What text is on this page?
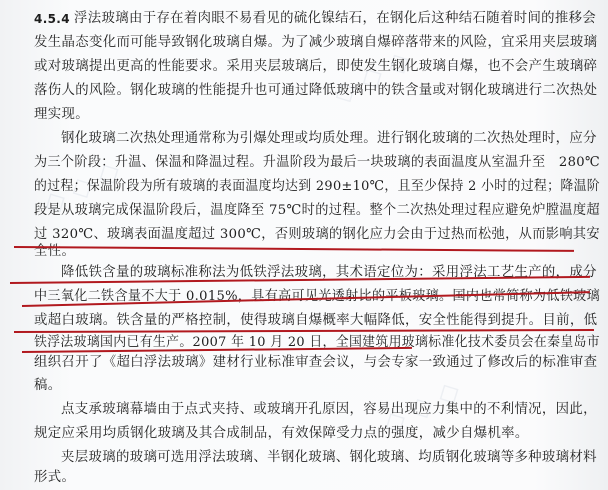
◇ ◇ ◇
◇ ◇ ◇
◇ ◇ ◇
4.5.4 浮法玻璃由于存在着肉眼不易看见的硫化镍结石，在钢化后这种结石随着时间的推移会
发生晶态变化而可能导致钢化玻璃自爆。为了减少玻璃自爆碎落带来的风险，宜采用夹层玻璃
或对玻璃提出更高的性能要求。采用夹层玻璃后，即使发生钢化玻璃自爆，也不会产生玻璃碎
落伤人的风险。钢化玻璃的性能提升也可通过降低玻璃中的铁含量或对钢化玻璃进行二次热处
理实现。
钢化玻璃二次热处理通常称为引爆处理或均质处理。进行钢化玻璃的二次热处理时，应分
为三个阶段：升温、保温和降温过程。升温阶段为最后一块玻璃的表面温度从室温升至　280℃
的过程；保温阶段为所有玻璃的表面温度均达到 290±10℃，且至少保持 2 小时的过程；降温阶
段是从玻璃完成保温阶段后，温度降至 75℃时的过程。整个二次热处理过程应避免炉膛温度超
过 320℃、玻璃表面温度超过 300℃，否则玻璃的钢化应力会由于过热而松弛，从而影响其安
全性。
降低铁含量的玻璃标准称法为低铁浮法玻璃，其术语定位为：采用浮法工艺生产的，成分
中三氧化二铁含量不大于 0.015%，具有高可见光透射比的平板玻璃。国内也常简称为低铁玻璃
或超白玻璃。铁含量的严格控制，使得玻璃自爆概率大幅降低，安全性能得到提升。目前，低
铁浮法玻璃国内已有生产。2007 年 10 月 20 日，全国建筑用玻璃标准化技术委员会在秦皇岛市
组织召开了《超白浮法玻璃》建材行业标准审查会议，与会专家一致通过了修改后的标准审查
稿。
点支承玻璃幕墙由于点式夹持、或玻璃开孔原因，容易出现应力集中的不利情况，因此，
规定应采用均质钢化玻璃及其合成制品，有效保障受力点的强度，减少自爆机率。
夹层玻璃的玻璃可选用浮法玻璃、半钢化玻璃、钢化玻璃、均质钢化玻璃等多种玻璃材料
形式。
